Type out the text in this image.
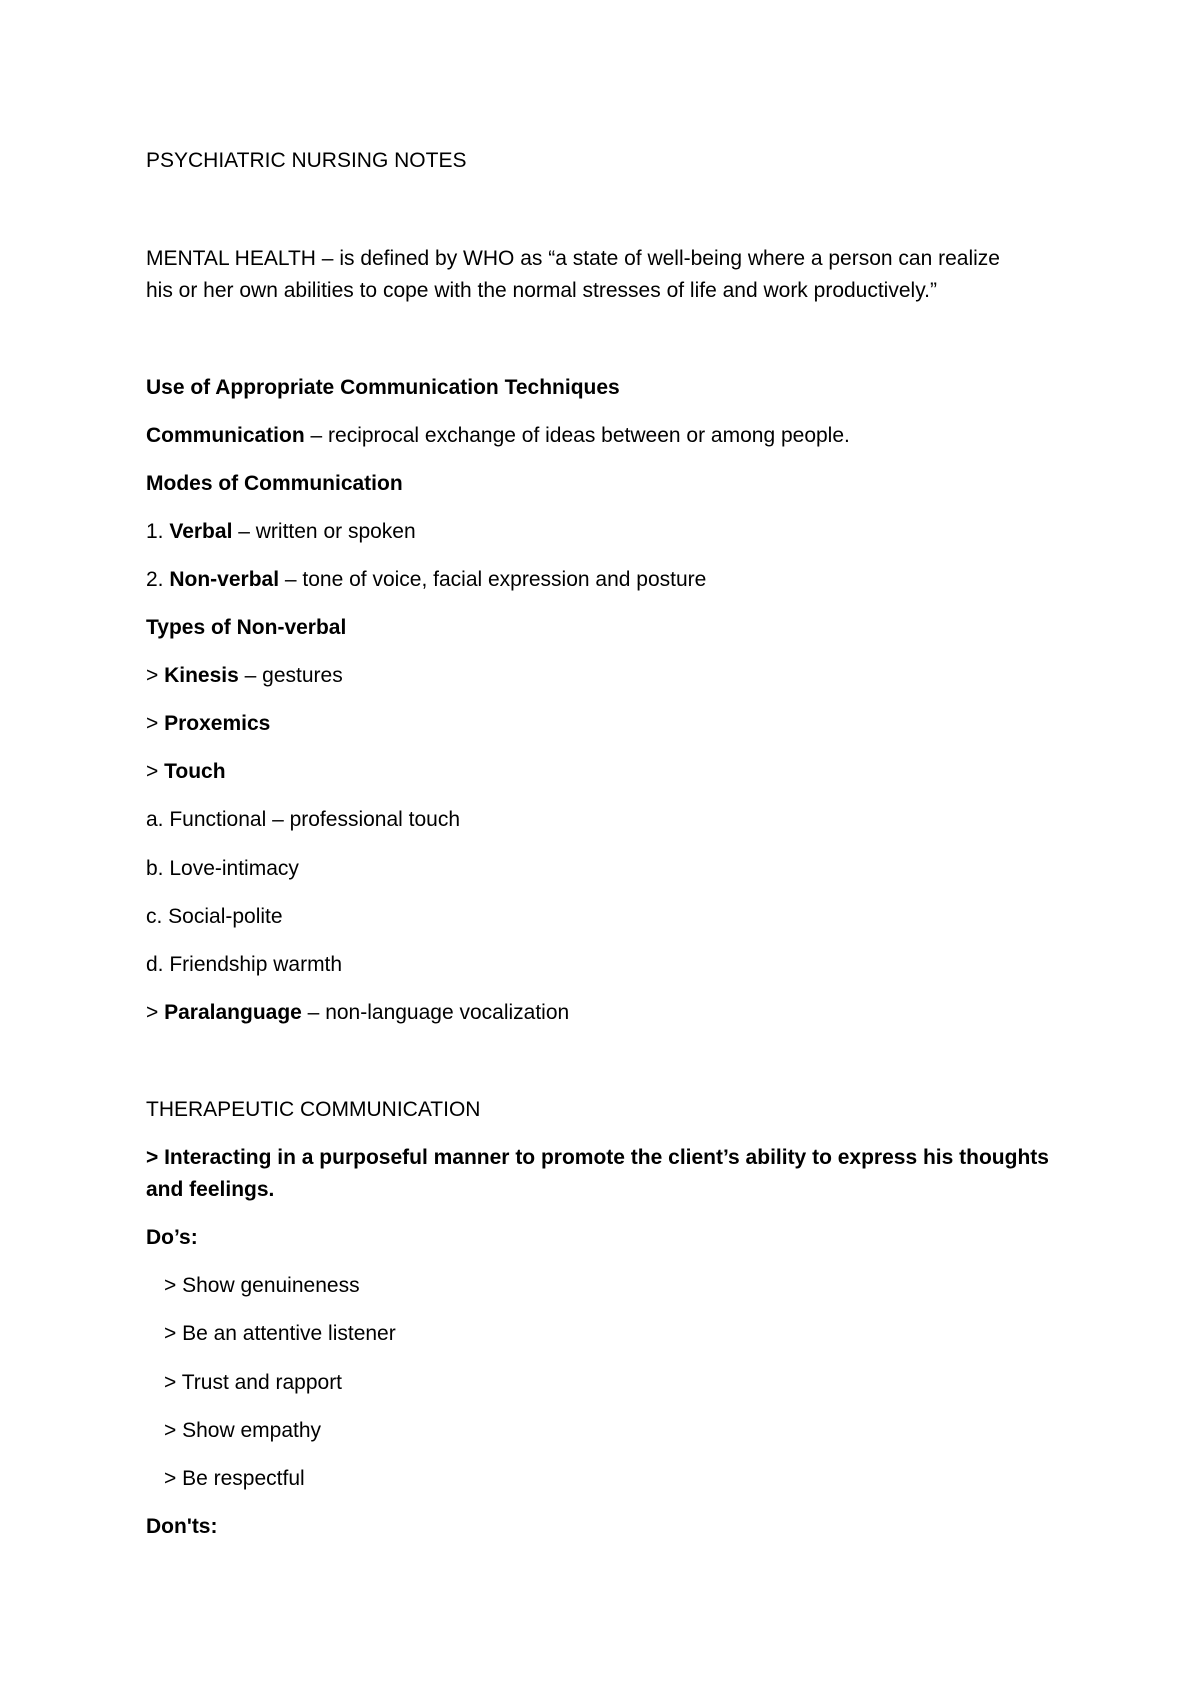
PSYCHIATRIC NURSING NOTES
MENTAL HEALTH – is defined by WHO as “a state of well-being where a person can realize
his or her own abilities to cope with the normal stresses of life and work productively.”
Use of Appropriate Communication Techniques
Communication – reciprocal exchange of ideas between or among people.
Modes of Communication
1. Verbal – written or spoken
2. Non-verbal – tone of voice, facial expression and posture
Types of Non-verbal
> Kinesis – gestures
> Proxemics
> Touch
a. Functional – professional touch
b. Love-intimacy
c. Social-polite
d. Friendship warmth
> Paralanguage – non-language vocalization
THERAPEUTIC COMMUNICATION
> Interacting in a purposeful manner to promote the client’s ability to express his thoughts
and feelings.
Do’s:
> Show genuineness
> Be an attentive listener
> Trust and rapport
> Show empathy
> Be respectful
Don'ts:
